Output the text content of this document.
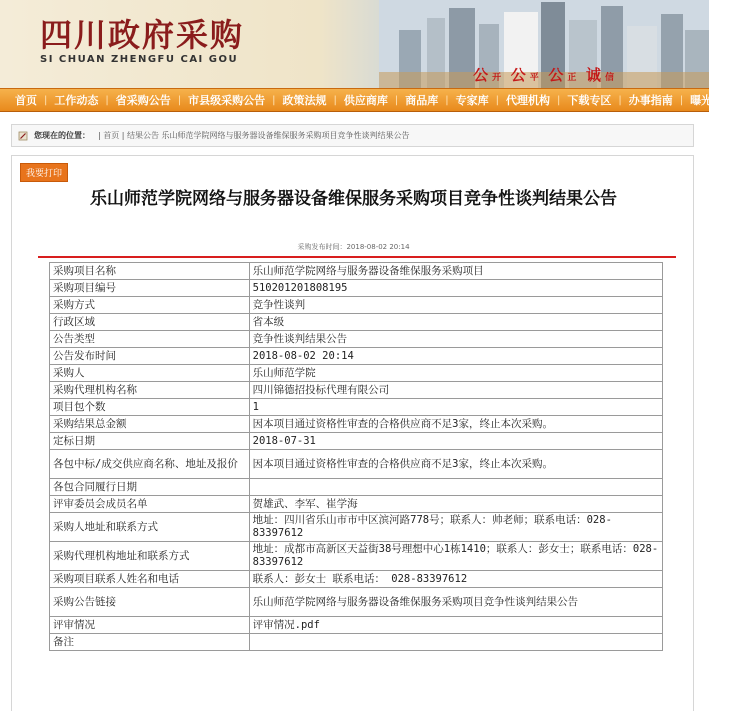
四川政府采购
SI CHUAN ZHENGFU CAI GOU
公 开 公 平 公 正 诚 信
首页 | 工作动态 | 省采购公告 | 市县级采购公告 | 政策法规 | 供应商库 | 商品库 | 专家库 | 代理机构 | 下载专区 | 办事指南 | 曝光台
您现在的位置： | 首页 | 结果公告 乐山师范学院网络与服务器设备维保服务采购项目竞争性谈判结果公告
我要打印
乐山师范学院网络与服务器设备维保服务采购项目竞争性谈判结果公告
采购发布时间：2018-08-02 20:14
采购项目名称	乐山师范学院网络与服务器设备维保服务采购项目
采购项目编号	510201201808195
采购方式	竞争性谈判
行政区域	省本级
公告类型	竞争性谈判结果公告
公告发布时间	2018-08-02 20:14
采购人	乐山师范学院
采购代理机构名称	四川锦德招投标代理有限公司
项目包个数	1
采购结果总金额	因本项目通过资格性审查的合格供应商不足3家，终止本次采购。
定标日期	2018-07-31
各包中标/成交供应商名称、地址及报价	因本项目通过资格性审查的合格供应商不足3家，终止本次采购。
各包合同履行日期	
评审委员会成员名单	贺雄武、李军、崔学海
采购人地址和联系方式	地址：四川省乐山市市中区滨河路778号；联系人：帅老师；联系电话：028-83397612
采购代理机构地址和联系方式	地址：成都市高新区天益街38号理想中心1栋1410；联系人：彭女士；联系电话：028-83397612
采购项目联系人姓名和电话	联系人：彭女士 联系电话： 028-83397612
采购公告链接	乐山师范学院网络与服务器设备维保服务采购项目竞争性谈判结果公告
评审情况	评审情况.pdf
备注	
